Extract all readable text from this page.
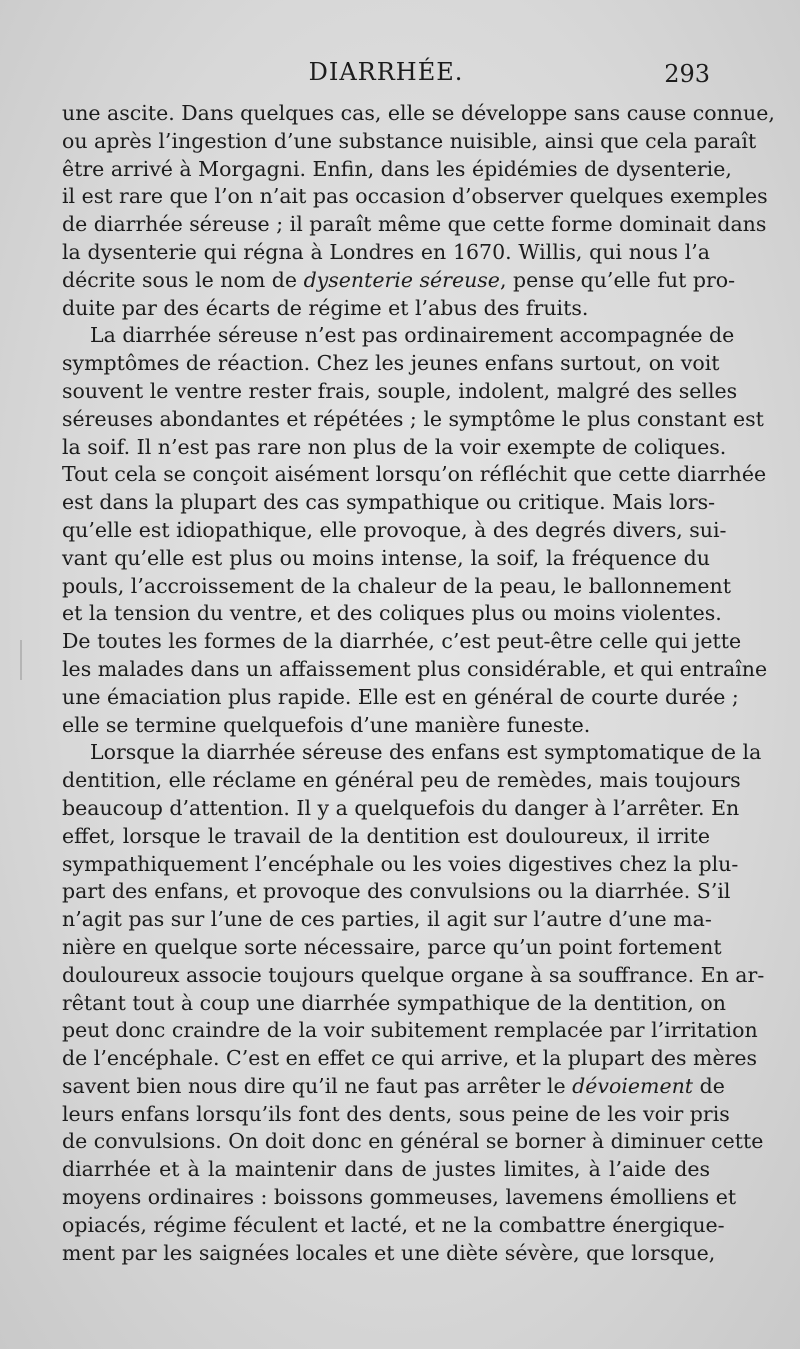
DIARRHÉE.	293
une ascite. Dans quelques cas, elle se développe sans cause connue,
ou après l’ingestion d’une substance nuisible, ainsi que cela paraît
être arrivé à Morgagni. Enfin, dans les épidémies de dysenterie,
il est rare que l’on n’ait pas occasion d’observer quelques exemples
de diarrhée séreuse ; il paraît même que cette forme dominait dans
la dysenterie qui régna à Londres en 1670. Willis, qui nous l’a
décrite sous le nom de dysenterie séreuse, pense qu’elle fut pro-
duite par des écarts de régime et l’abus des fruits.
La diarrhée séreuse n’est pas ordinairement accompagnée de
symptômes de réaction. Chez les jeunes enfans surtout, on voit
souvent le ventre rester frais, souple, indolent, malgré des selles
séreuses abondantes et répétées ; le symptôme le plus constant est
la soif. Il n’est pas rare non plus de la voir exempte de coliques.
Tout cela se conçoit aisément lorsqu’on réfléchit que cette diarrhée
est dans la plupart des cas sympathique ou critique. Mais lors-
qu’elle est idiopathique, elle provoque, à des degrés divers, sui-
vant qu’elle est plus ou moins intense, la soif, la fréquence du
pouls, l’accroissement de la chaleur de la peau, le ballonnement
et la tension du ventre, et des coliques plus ou moins violentes.
De toutes les formes de la diarrhée, c’est peut-être celle qui jette
les malades dans un affaissement plus considérable, et qui entraîne
une émaciation plus rapide. Elle est en général de courte durée ;
elle se termine quelquefois d’une manière funeste.
Lorsque la diarrhée séreuse des enfans est symptomatique de la
dentition, elle réclame en général peu de remèdes, mais toujours
beaucoup d’attention. Il y a quelquefois du danger à l’arrêter. En
effet, lorsque le travail de la dentition est douloureux, il irrite
sympathiquement l’encéphale ou les voies digestives chez la plu-
part des enfans, et provoque des convulsions ou la diarrhée. S’il
n’agit pas sur l’une de ces parties, il agit sur l’autre d’une ma-
nière en quelque sorte nécessaire, parce qu’un point fortement
douloureux associe toujours quelque organe à sa souffrance. En ar-
rêtant tout à coup une diarrhée sympathique de la dentition, on
peut donc craindre de la voir subitement remplacée par l’irritation
de l’encéphale. C’est en effet ce qui arrive, et la plupart des mères
savent bien nous dire qu’il ne faut pas arrêter le dévoiement de
leurs enfans lorsqu’ils font des dents, sous peine de les voir pris
de convulsions. On doit donc en général se borner à diminuer cette
diarrhée et à la maintenir dans de justes limites, à l’aide des
moyens ordinaires : boissons gommeuses, lavemens émolliens et
opiacés, régime féculent et lacté, et ne la combattre énergique-
ment par les saignées locales et une diète sévère, que lorsque,
